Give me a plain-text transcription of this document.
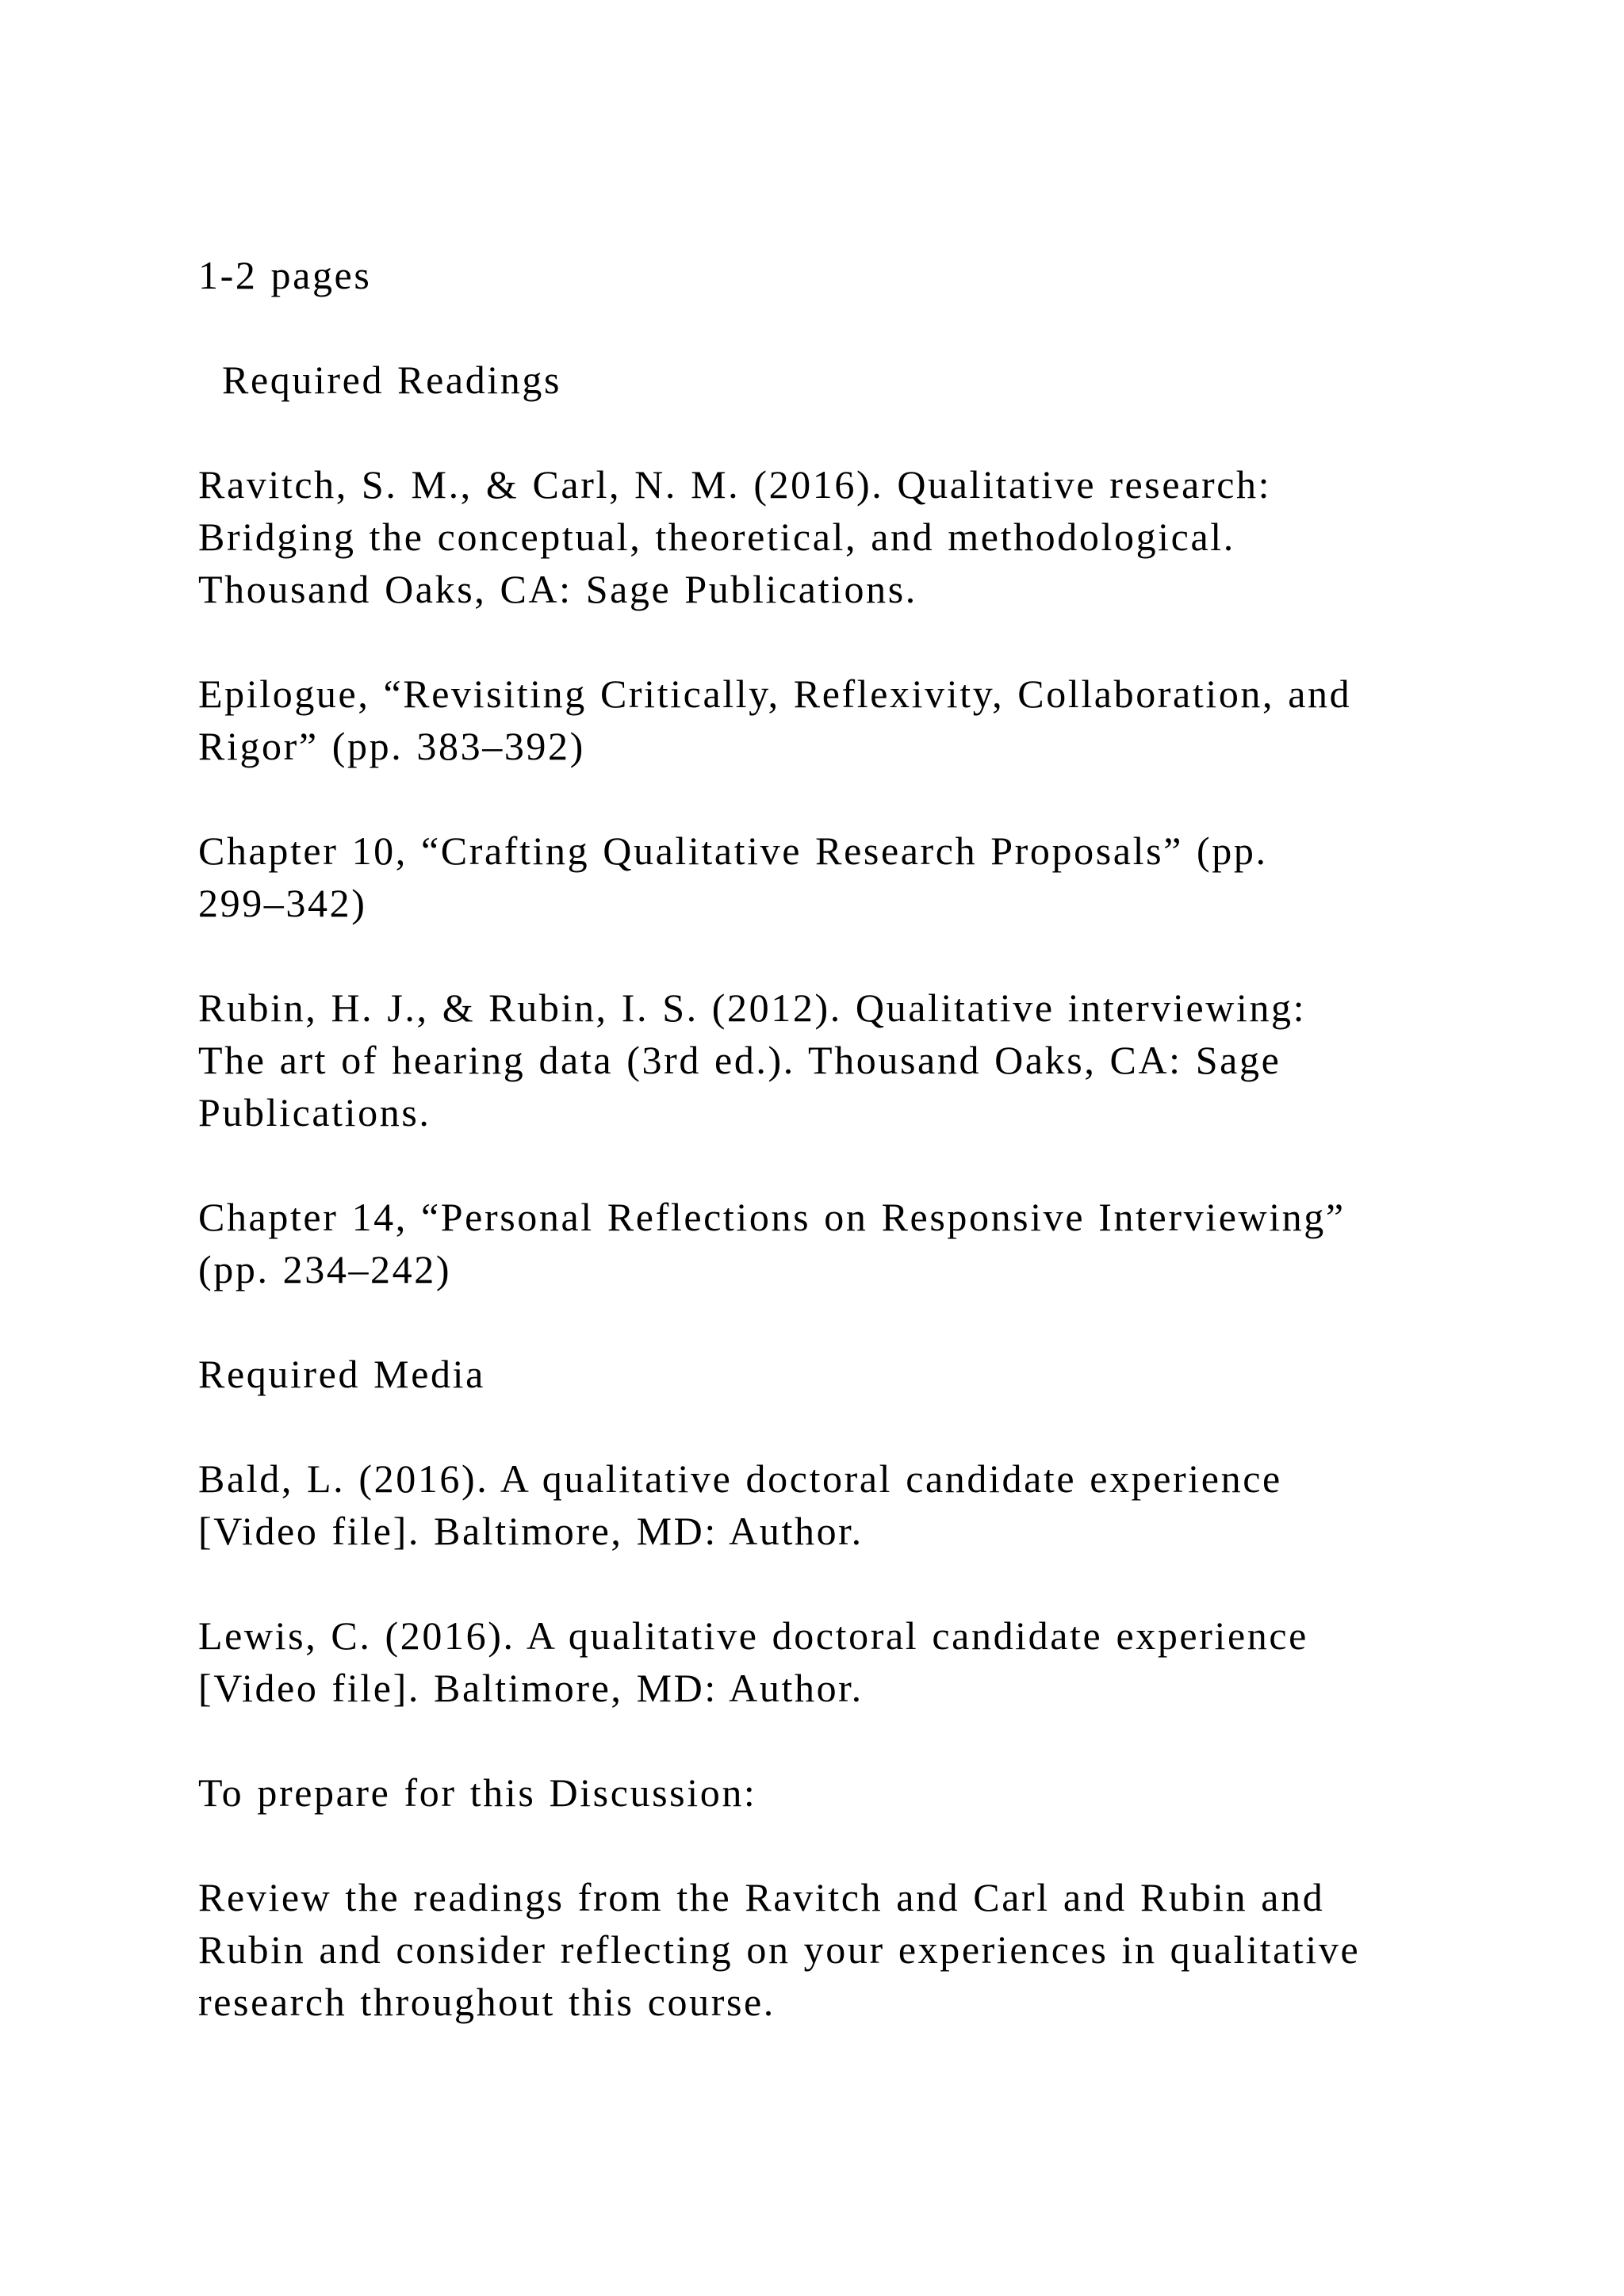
1-2 pages

Required Readings

Ravitch, S. M., & Carl, N. M. (2016). Qualitative research:
Bridging the conceptual, theoretical, and methodological.
Thousand Oaks, CA: Sage Publications.

Epilogue, “Revisiting Critically, Reflexivity, Collaboration, and
Rigor” (pp. 383–392)

Chapter 10, “Crafting Qualitative Research Proposals” (pp.
299–342)

Rubin, H. J., & Rubin, I. S. (2012). Qualitative interviewing:
The art of hearing data (3rd ed.). Thousand Oaks, CA: Sage
Publications.

Chapter 14, “Personal Reflections on Responsive Interviewing”
(pp. 234–242)

Required Media

Bald, L. (2016). A qualitative doctoral candidate experience
[Video file]. Baltimore, MD: Author.

Lewis, C. (2016). A qualitative doctoral candidate experience
[Video file]. Baltimore, MD: Author.

To prepare for this Discussion:

Review the readings from the Ravitch and Carl and Rubin and
Rubin and consider reflecting on your experiences in qualitative
research throughout this course.
